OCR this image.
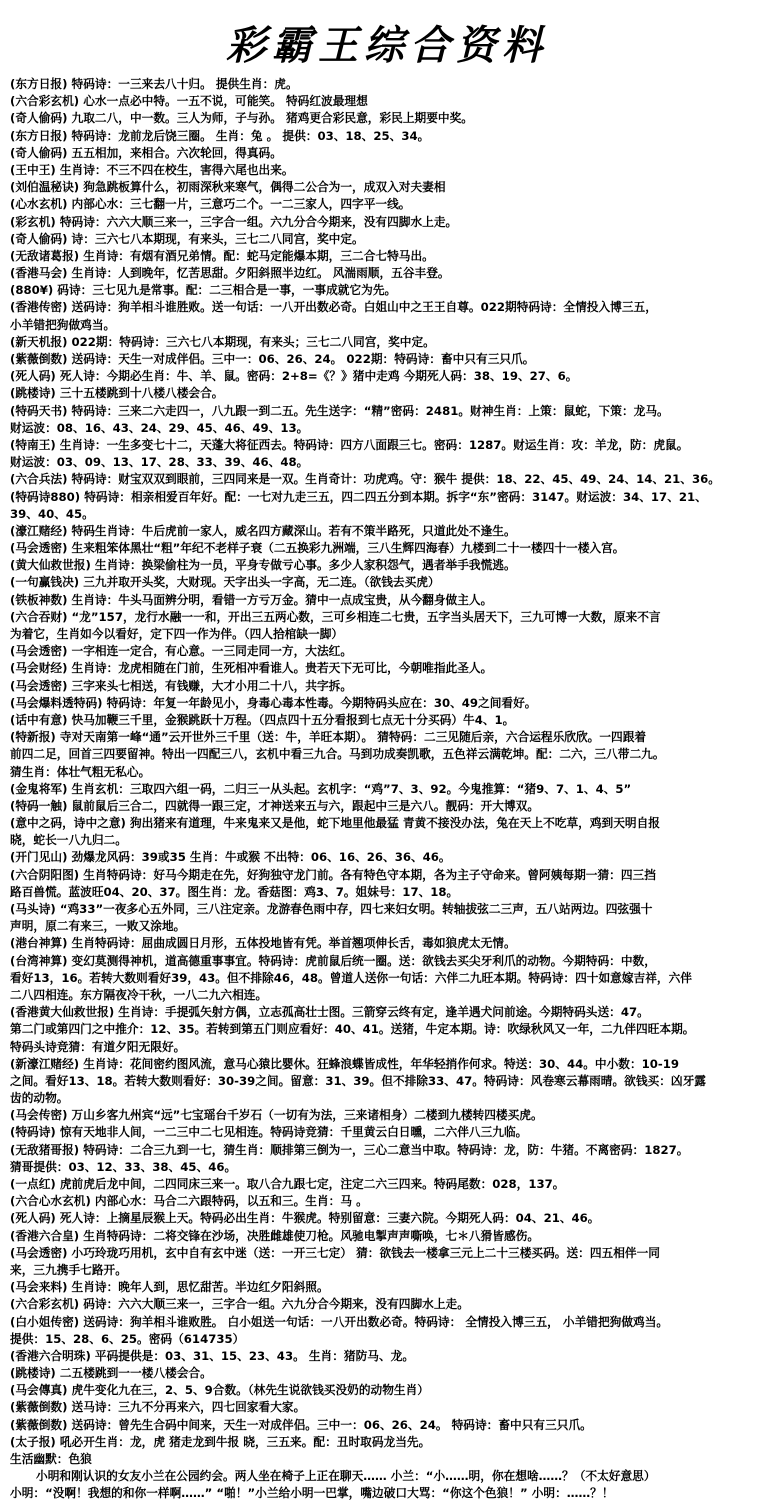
彩霸王综合资料
(东方日报) 特码诗：一三来去八十归。 提供生肖：虎。
(六合彩玄机) 心水一点必中特。一五不说，可能笑。 特码红波最理想
(奇人偷码) 九取二八，中一数。三人为师，子与孙。 猪鸡更合彩民意，彩民上期要中奖。
(东方日报) 特码诗：龙前龙后饶三圈。 生肖：兔 。 提供：03、18、25、34。
(奇人偷码) 五五相加，来相合。六次轮回，得真码。
(王中王) 生肖诗：不三不四在校生，害得六尾也出来。
(刘伯温秘诀) 狗急跳板算什么，初雨深秋来寒气，偶得二公合为一，成双入对夫妻相
(心水玄机) 内部心水：三七翻一片，三意巧二个。一二三家人，四字平一线。
(彩玄机) 特码诗：六六大顺三来一，三字合一组。六九分合今期来，没有四脚水上走。
(奇人偷码) 诗：三六七八本期现，有来头，三七二八同宫，奖中定。
(无敌诸葛报) 生肖诗：有烟有酒兄弟情。配：蛇马定能爆本期，三二合七特马出。
(香港马会) 生肖诗：人到晚年，忆苦思甜。夕阳斜照半边红。 风湍雨顺，五谷丰登。
(880¥) 码诗：三七见九是常事。配：二三相合是一事，一事成就它为先。
(香港传密) 送码诗：狗羊相斗谁胜败。送一句话：一八开出数必奇。白姐山中之王王自尊。022期特码诗：全情投入博三五，
小羊错把狗做鸡当。
(新天机报) 022期：特码诗：三六七八本期现，有来头；三七二八同宫，奖中定。
(紫薇倒数) 送码诗：天生一对成伴侣。三中一：06、26、24。 022期：特码诗：畜中只有三只爪。
(死人码) 死人诗：今期必生肖：牛、羊、鼠。密码：2+8=《？》猪中走鸡 今期死人码：38、19、27、6。
(跳楼诗) 三十五楼跳到十八楼八楼会合。
(特码天书) 特码诗：三来二六走四一，八九跟一到二五。先生送字：“精”密码：2481。财神生肖：上策：鼠蛇，下策：龙马。
财运波：08、16、43、24、29、45、46、49、13。
(特南王) 生肖诗：一生多变七十二，天蓬大将征西去。特码诗：四方八面跟三七。密码：1287。财运生肖：攻：羊龙，防：虎鼠。
财运波：03、09、13、17、28、33、39、46、48。
(六合兵法) 特码诗：财宝双双到眼前，三四同来是一双。生肖奇计：功虎鸡。守：猴牛 提供：18、22、45、49、24、14、21、36。
(特码诗880) 特码诗：相亲相爱百年好。配：一七对九走三五，四二四五分到本期。拆字“东”密码：3147。财运波：34、17、21、
39、40、45。
(濠江赌经) 特码生肖诗：牛后虎前一家人，威名四方藏深山。若有不策半路死，只道此处不逢生。
(马会透密) 生来粗笨体黑壮“粗”年纪不老样子衰（二五换彩九洲端，三八生辉四海春）九楼到二十一楼四十一楼入宫。
(黄大仙救世报) 生肖诗：换梁偷柱为一员，平身专做亏心事。多少人家积怨气，遇者举手我慌逃。
(一句赢钱决) 三九并取开头奖，大财现。天字出头一字高，无二连。（欲钱去买虎）
(铁板神数) 生肖诗：牛头马面辨分明，看错一方亏万金。猜中一点成宝贵，从今翻身做主人。
(六合吞财) “龙”157，龙行水融一一和，开出三五两心数，三可乡相连二七贵，五字当头居天下，三九可博一大数，原来不言
为着它，生肖如今以看好，定下四一作为伴。（四人拾棺缺一脚）
(马会透密) 一字相连一定合，有心意。一三同走同一方，大法红。
(马会财经) 生肖诗：龙虎相随在门前，生死相冲看谁人。贵若天下无可比，今朝唯指此圣人。
(马会透密) 三字来头七相送，有钱赚，大才小用二十八，共字拆。
(马会爆料透特码) 特码诗：年复一年龄见小，身毒心毒本性毒。今期特码头应在：30、49之间看好。
(话中有意) 快马加鞭三千里，金猴跳跃十万程。（四点四十五分看报到七点无十分买码）牛4、1。
(特新报) 寺对天南第一峰“通”云开世外三千里（送：牛，羊旺本期）。 猜特码：二三见随后亲，六合运程乐欣欣。一四跟着
前四二足，回首三四要留神。特出一四配三八，玄机中看三九合。马到功成奏凯歌，五色祥云满乾坤。配：二六，三八带二九。
猜生肖：体壮气粗无私心。
(金鬼将军) 生肖玄机：三取四六组一码，二归三一从头起。玄机字：“鸡”7、3、92。今鬼推算：“猪9、7、1、4、5”
(特码一触) 鼠前鼠后三合二，四就得一跟三定，才神送来五与六，跟起中三是六八。靓码：开大博双。
(意中之码，诗中之意) 狗出猪来有道理，牛来鬼来又是他，蛇下地里他最猛 青黄不接没办法，兔在天上不吃草，鸡到天明自报
晓，蛇长一八九归二。
(开门见山) 劲爆龙风码：39或35 生肖：牛或猴 不出特：06、16、26、36、46。
(六合阴阳图) 生肖特码诗：好马今期走在先，好狗独守龙门前。各有特色守本期，各为主子守命来。曾阿姨每期一猜：四三挡
路百兽慌。蓝波旺04、20、37。图生肖：龙。香菇图：鸡3、7。姐妹号：17、18。
(马头诗) “鸡33”一夜多心五外同，三八注定亲。龙游春色雨中存，四七来妇女明。转轴拔弦二三声，五八站两边。四弦强十
声明，原二有来三，一败又涂地。
(港台神算) 生肖特码诗：屈曲成圆日月形，五体投地皆有凭。举首翘项伸长舌，毒如狼虎太无情。
(台湾神算) 变幻莫测得神机，道高德重事事宜。特码诗：虎前鼠后统一圈。送：欲钱去买尖牙利爪的动物。今期特码：中数，
看好13，16。若转大数则看好39，43。但不排除46，48。曾道人送你一句话：六伴二九旺本期。特码诗：四十如意嫁吉祥，六伴
二八四相连。东方隔夜冷干秋，一八二九六相连。
(香港黄大仙救世报) 生肖诗：手提弧矢射方偶，立志孤高壮士图。三箭穿云终有定，逢羊遇犬问前途。今期特码头送：47。
第二门或第四门之中推介：12、35。若转到第五门则应看好：40、41。送猪，牛定本期。诗：吹绿秋风又一年，二九伴四旺本期。
特码头诗竞猜：有道夕阳无限好。
(新濠江赌经) 生肖诗：花间密约图风流，意马心猿比婴休。狂蜂浪蝶皆成性，年华轻捎作何求。特送：30、44。中小数：10-19
之间。看好13、18。若转大数则看好：30-39之间。留意：31、39。但不排除33、47。特码诗：风卷寒云幕雨晴。欲钱买：凶牙露
齿的动物。
(马会传密) 万山乡客九州宾“远”七宝瑶台千岁石（一切有为法，三来诸相身）二楼到九楼转四楼买虎。
(特码诗) 惊有天地非人间，一二三中二七见相连。特码诗竞猜：千里黄云白日曛，二六伴八三九临。
(无敌猪哥报) 特码诗：二合三九到一七，猜生肖：顺排第三倒为一，三心二意当中取。特码诗：龙，防：牛猪。不离密码：1827。
猜哥提供：03、12、33、38、45、46。
(一点红) 虎前虎后龙中间，二四同床三来一。取八合九跟七定，注定二六三四来。特码尾数：028，137。
(六合心水玄机) 内部心水：马合二六跟特码，以五和三。生肖：马 。
(死人码) 死人诗：上摘星辰猴上天。特码必出生肖：牛猴虎。特别留意：三妻六院。今期死人码：04、21、46。
(香港六合皇) 生肖特码诗：二将交锋在沙场，决胜雌雄使刀枪。风驰电掣声声嘶唤，七＊八猾皆感伤。
(马会透密) 小巧玲珑巧用机，玄中自有玄中迷（送：一开三七定） 猜：欲钱去一楼拿三元上二十三楼买码。送：四五相伴一同
来，三九携手七路开。
(马会来料) 生肖诗：晚年人到，思忆甜苦。半边红夕阳斜照。
(六合彩玄机) 码诗：六六大顺三来一，三字合一组。六九分合今期来，没有四脚水上走。
(白小姐传密) 送码诗：狗羊相斗谁败胜。 白小姐送一句话：一八开出数必奇。特码诗： 全情投入博三五， 小羊错把狗做鸡当。
提供：15、28、6、25。密码（614735）
(香港六合明珠) 平码提供是：03、31、15、23、43。 生肖：猪防马、龙。
(跳楼诗) 二五楼跳到一一楼八楼会合。
(马会傳真) 虎牛变化九在三，2、5、9合数。（林先生说欲钱买没奶的动物生肖）
(紫薇倒数) 送马诗：三九不分再来六，四七回家看大家。
(紫薇倒数) 送码诗：曾先生合码中间来，天生一对成伴侣。三中一：06、26、24。 特码诗：畜中只有三只爪。
(太子报) 吼必开生肖：龙，虎 猪走龙到牛报 晓，三五来。配：丑时取码龙当先。
生活幽默：色狼
小明和刚认识的女友小兰在公园约会。两人坐在椅子上正在聊天…… 小兰：“小……明，你在想啥……？（不太好意思）
小明：“没啊！我想的和你一样啊……” “啪！”小兰给小明一巴掌，嘴边破口大骂：“你这个色狼！” 小明：……？！
